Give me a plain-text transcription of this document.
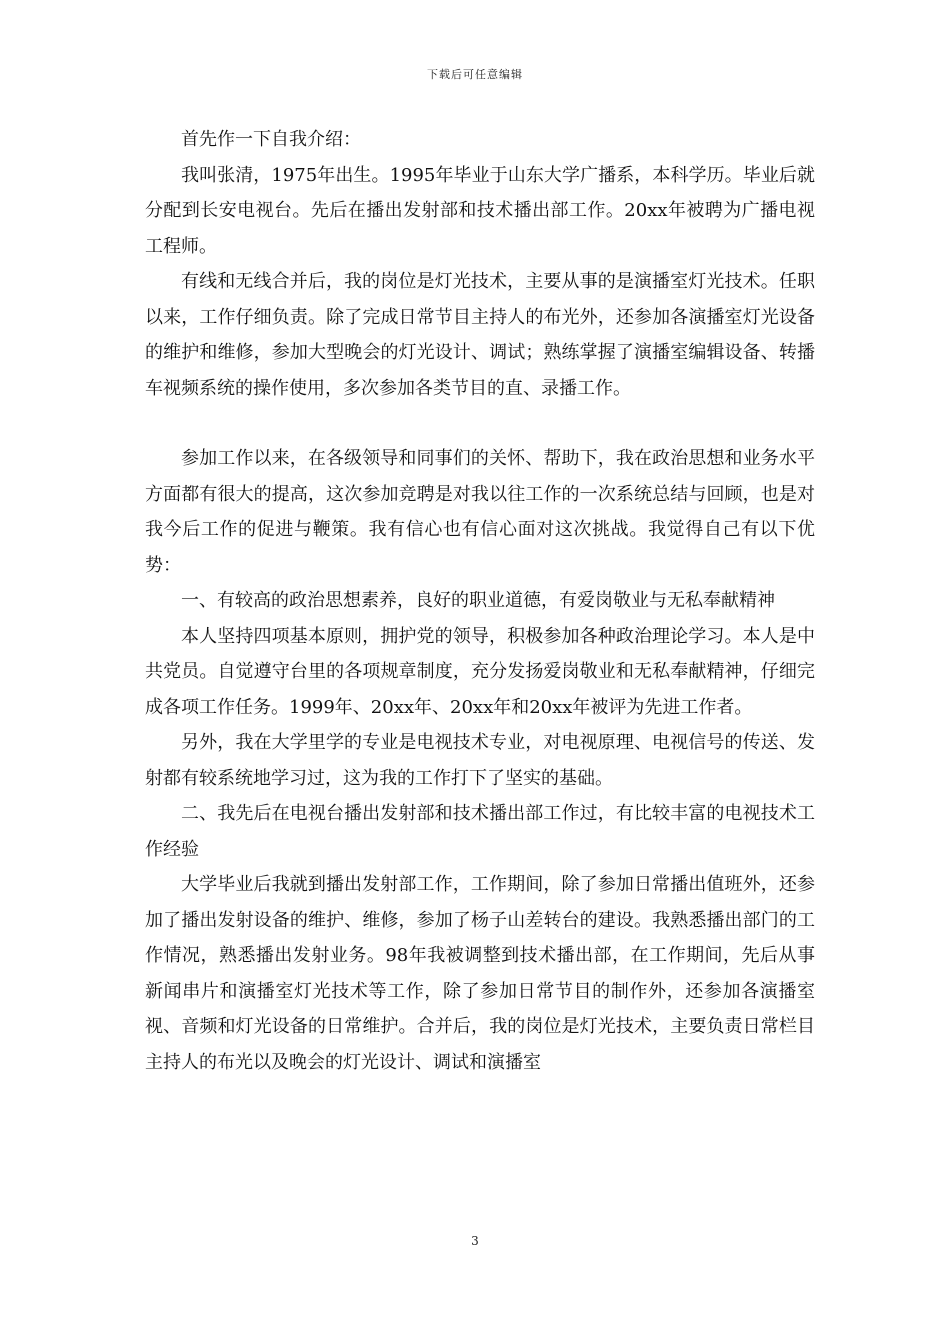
下载后可任意编辑

首先作一下自我介绍：

我叫张清，1975年出生。1995年毕业于山东大学广播系，本科学历。毕业后就分配到长安电视台。先后在播出发射部和技术播出部工作。20xx年被聘为广播电视工程师。

有线和无线合并后，我的岗位是灯光技术，主要从事的是演播室灯光技术。任职以来，工作仔细负责。除了完成日常节目主持人的布光外，还参加各演播室灯光设备的维护和维修，参加大型晚会的灯光设计、调试；熟练掌握了演播室编辑设备、转播车视频系统的操作使用，多次参加各类节目的直、录播工作。

参加工作以来，在各级领导和同事们的关怀、帮助下，我在政治思想和业务水平方面都有很大的提高，这次参加竞聘是对我以往工作的一次系统总结与回顾，也是对我今后工作的促进与鞭策。我有信心也有信心面对这次挑战。我觉得自己有以下优势：

一、有较高的政治思想素养，良好的职业道德，有爱岗敬业与无私奉献精神

本人坚持四项基本原则，拥护党的领导，积极参加各种政治理论学习。本人是中共党员。自觉遵守台里的各项规章制度，充分发扬爱岗敬业和无私奉献精神，仔细完成各项工作任务。1999年、20xx年、20xx年和20xx年被评为先进工作者。

另外，我在大学里学的专业是电视技术专业，对电视原理、电视信号的传送、发射都有较系统地学习过，这为我的工作打下了坚实的基础。

二、我先后在电视台播出发射部和技术播出部工作过，有比较丰富的电视技术工作经验

大学毕业后我就到播出发射部工作，工作期间，除了参加日常播出值班外，还参加了播出发射设备的维护、维修，参加了杨子山差转台的建设。我熟悉播出部门的工作情况，熟悉播出发射业务。98年我被调整到技术播出部，在工作期间，先后从事新闻串片和演播室灯光技术等工作，除了参加日常节目的制作外，还参加各演播室视、音频和灯光设备的日常维护。合并后，我的岗位是灯光技术，主要负责日常栏目主持人的布光以及晚会的灯光设计、调试和演播室

3
